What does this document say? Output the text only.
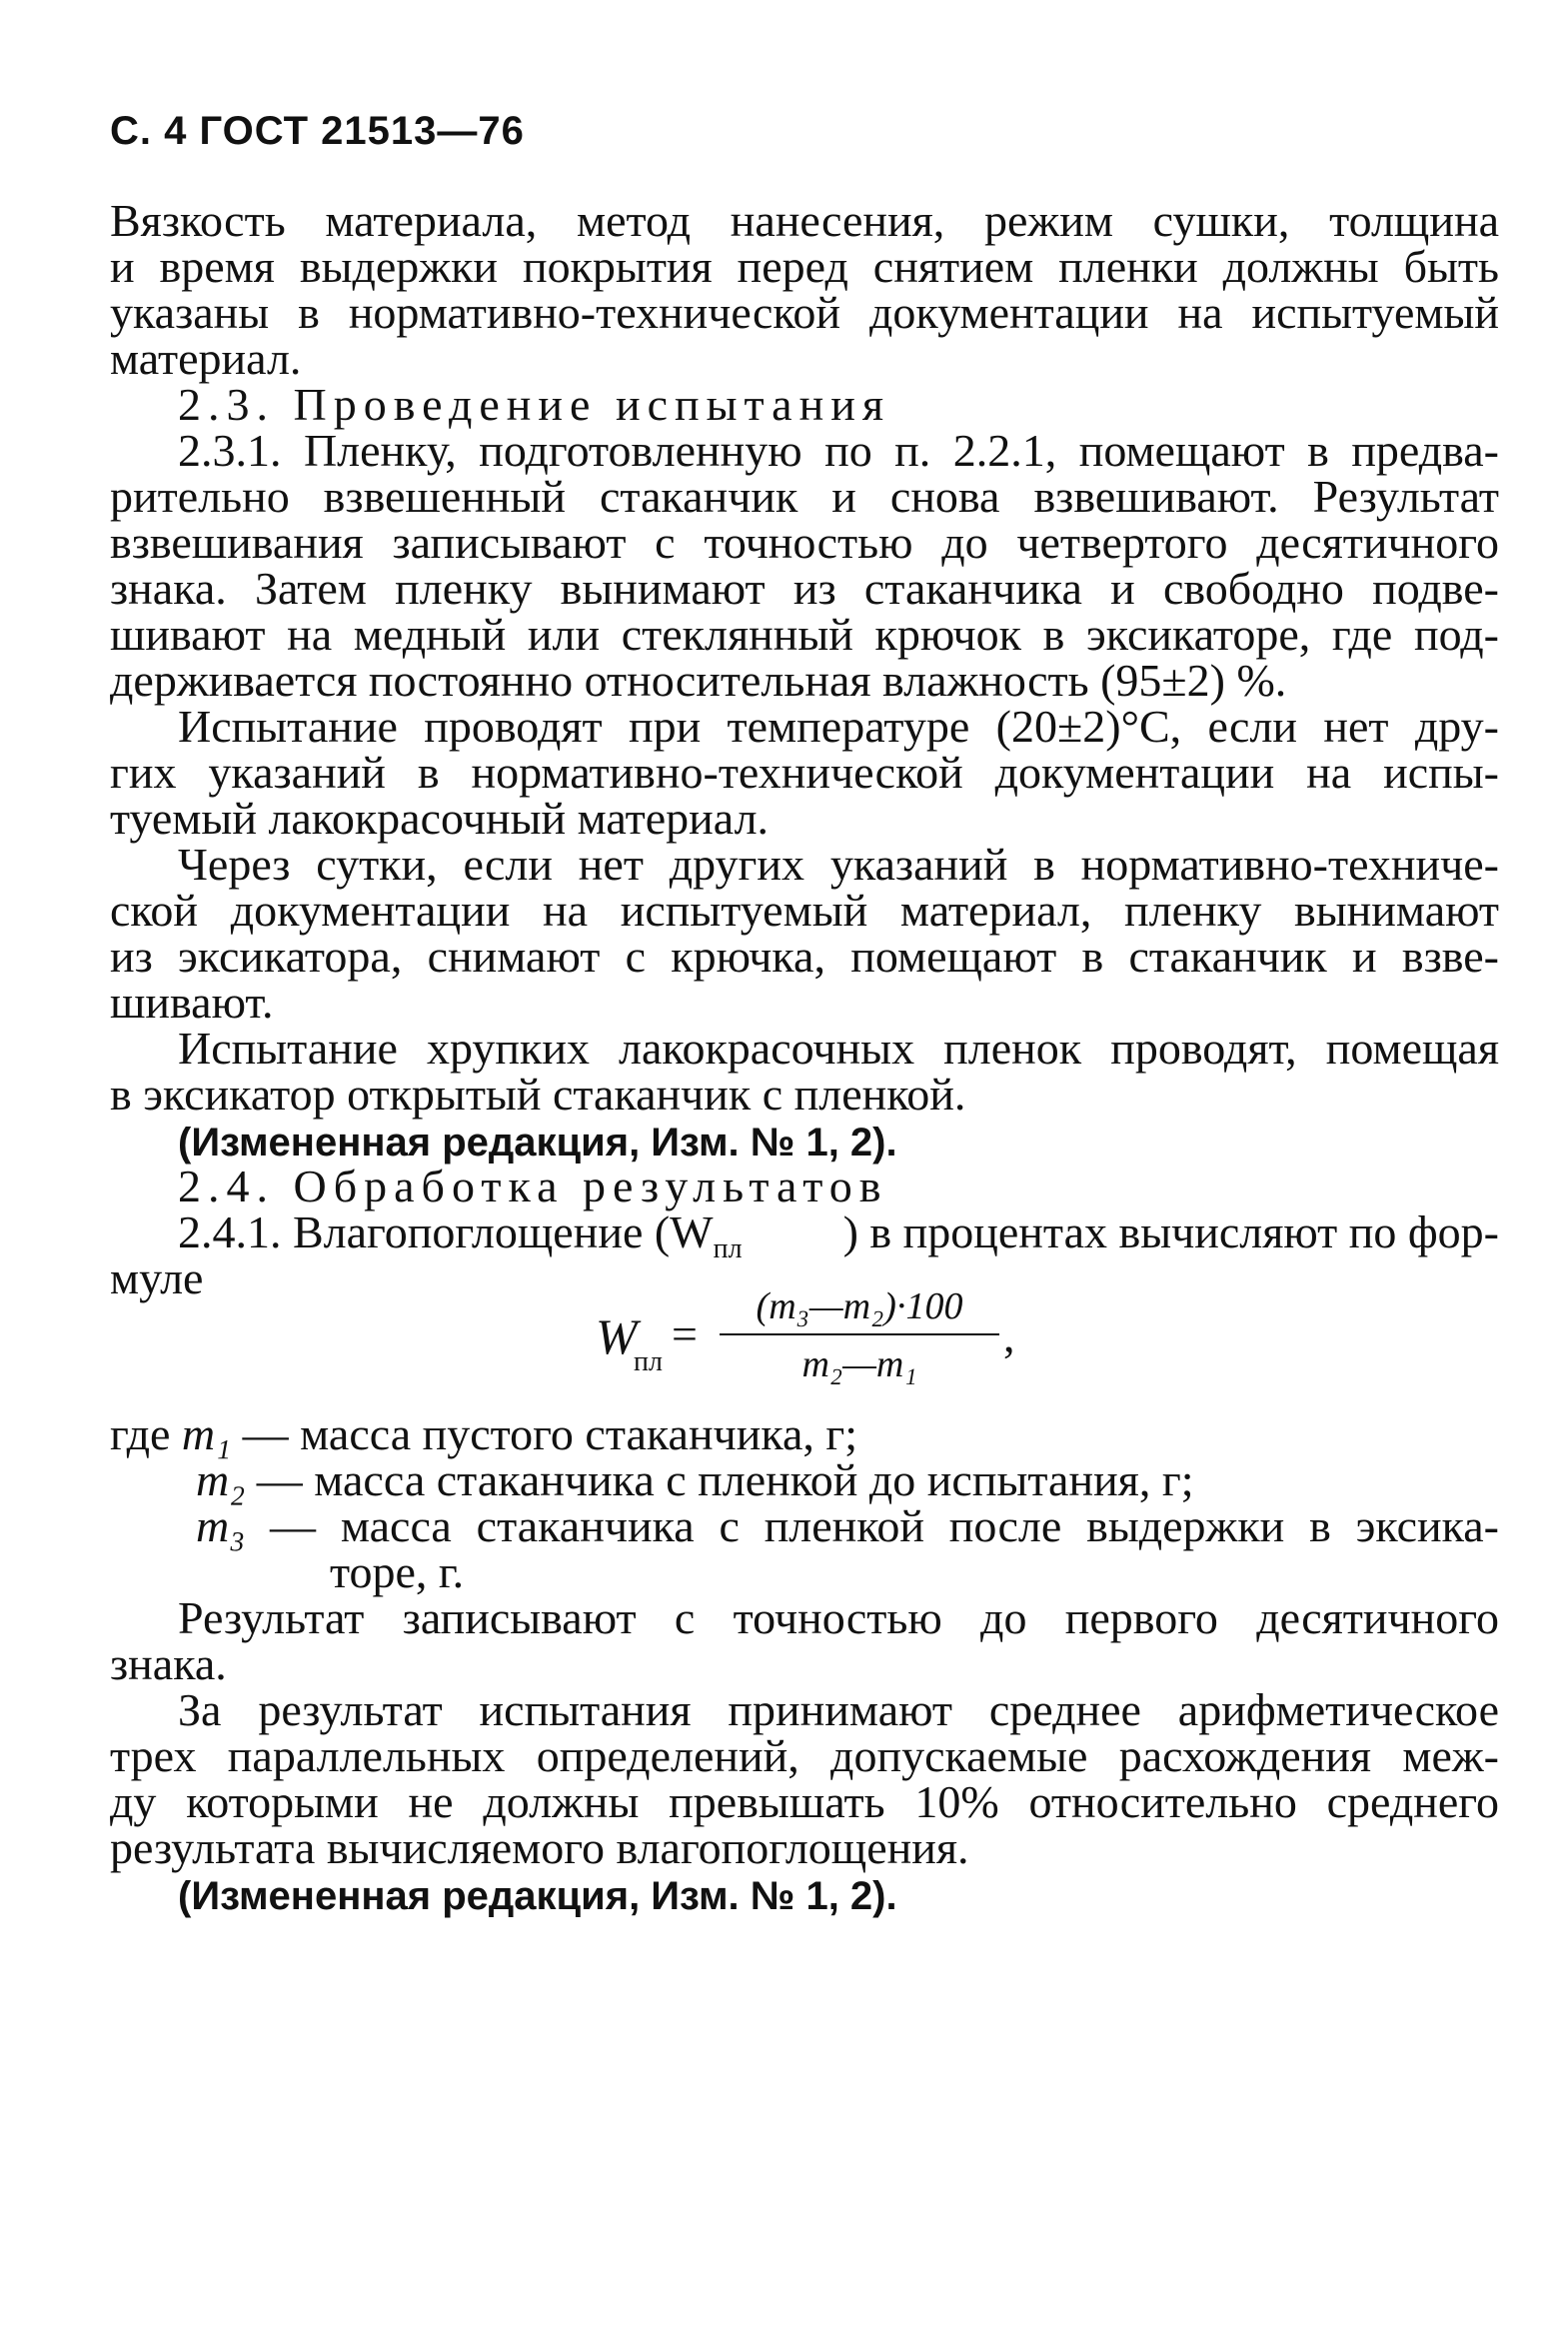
С. 4 ГОСТ 21513—76
Вязкость материала, метод нанесения, режим сушки, толщина
и время выдержки покрытия перед снятием пленки должны быть
указаны в нормативно-технической документации на испытуемый
материал.
2.3. Проведение испытания
2.3.1. Пленку, подготовленную по п. 2.2.1, помещают в предва-
рительно взвешенный стаканчик и снова взвешивают. Результат
взвешивания записывают с точностью до четвертого десятичного
знака. Затем пленку вынимают из стаканчика и свободно подве-
шивают на медный или стеклянный крючок в эксикаторе, где под-
держивается постоянно относительная влажность (95±2) %.
Испытание проводят при температуре (20±2)°С, если нет дру-
гих указаний в нормативно-технической документации на испы-
туемый лакокрасочный материал.
Через сутки, если нет других указаний в нормативно-техниче-
ской документации на испытуемый материал, пленку вынимают
из эксикатора, снимают с крючка, помещают в стаканчик и взве-
шивают.
Испытание хрупких лакокрасочных пленок проводят, помещая
в эксикатор открытый стаканчик с пленкой.
(Измененная редакция, Изм. № 1, 2).
2.4. Обработка результатов
2.4.1. Влагопоглощение ($W_{пл}$ ) в процентах вычисляют по фор-
муле
W
пл
=
(m₃—m₂)·100
m₂—m₁
,
где m₁ — масса пустого стаканчика, г;
m₂ — масса стаканчика с пленкой до испытания, г;
m₃ — масса стаканчика с пленкой после выдержки в эксика-
торе, г.
Результат записывают с точностью до первого десятичного
знака.
За результат испытания принимают среднее арифметическое
трех параллельных определений, допускаемые расхождения меж-
ду которыми не должны превышать 10% относительно среднего
результата вычисляемого влагопоглощения.
(Измененная редакция, Изм. № 1, 2).
